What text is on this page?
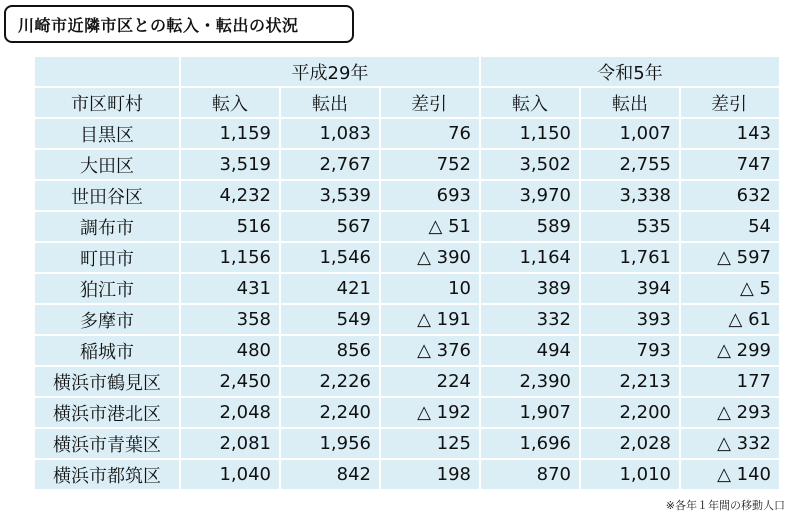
川崎市近隣市区との転入・転出の状況
	平成29年			令和5年		
市区町村	転入	転出	差引	転入	転出	差引
目黒区	1,159	1,083	76	1,150	1,007	143
大田区	3,519	2,767	752	3,502	2,755	747
世田谷区	4,232	3,539	693	3,970	3,338	632
調布市	516	567	△ 51	589	535	54
町田市	1,156	1,546	△ 390	1,164	1,761	△ 597
狛江市	431	421	10	389	394	△ 5
多摩市	358	549	△ 191	332	393	△ 61
稲城市	480	856	△ 376	494	793	△ 299
横浜市鶴見区	2,450	2,226	224	2,390	2,213	177
横浜市港北区	2,048	2,240	△ 192	1,907	2,200	△ 293
横浜市青葉区	2,081	1,956	125	1,696	2,028	△ 332
横浜市都筑区	1,040	842	198	870	1,010	△ 140
※各年１年間の移動人口
